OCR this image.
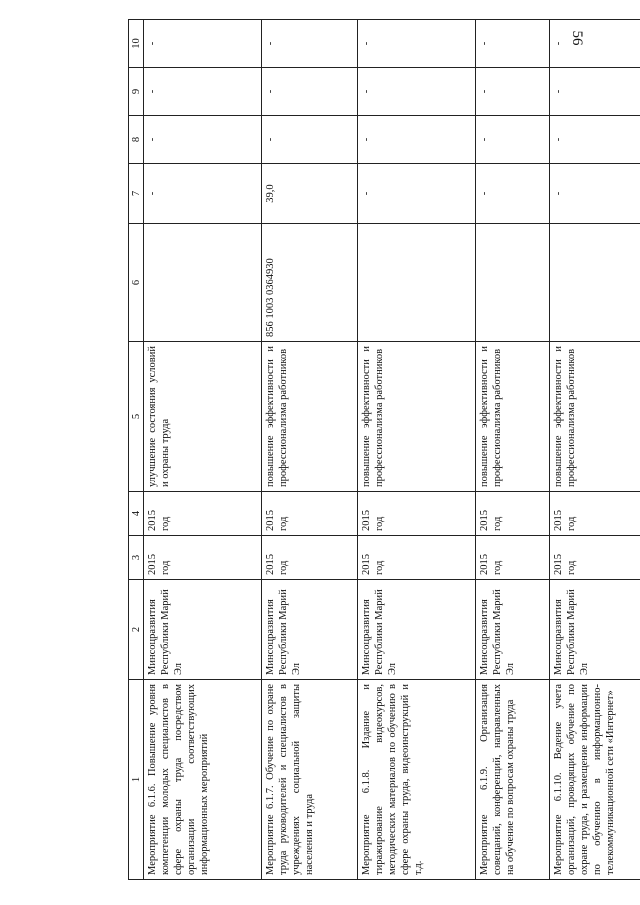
56
1	2	3	4	5	6	7	8	9	10
Мероприятие 6.1.6. Повышение уровня компетенции молодых специалистов в сфере охраны труда посредством организации соответствующих информационных мероприятий	Минсоцразвития Республики Марий Эл	2015 год	2015 год	улучшение состояния условий и охраны труда		-	-	-	-
Мероприятие 6.1.7. Обучение по охране труда руководителей и специалистов в учреждениях социальной защиты населения и труда	Минсоцразвития Республики Марий Эл	2015 год	2015 год	повышение эффективности и профессионализма работников	856 1003 0364930	39,0	-	-	-
Мероприятие 6.1.8. Издание и тиражирование видеокурсов, методических материалов по обучению в сфере охраны труда, видеоинструкций и т.д.	Минсоцразвития Республики Марий Эл	2015 год	2015 год	повышение эффективности и профессионализма работников		-	-	-	-
Мероприятие 6.1.9. Организация совещаний, конференций, направленных на обучение по вопросам охраны труда	Минсоцразвития Республики Марий Эл	2015 год	2015 год	повышение эффективности и профессионализма работников		-	-	-	-
Мероприятие 6.1.10. Ведение учета организаций, проводящих обучение по охране труда, и размещение информации по обучению в информационно-телекоммуникационной сети «Интернет»	Минсоцразвития Республики Марий Эл	2015 год	2015 год	повышение эффективности и профессионализма работников		-	-	-	-
